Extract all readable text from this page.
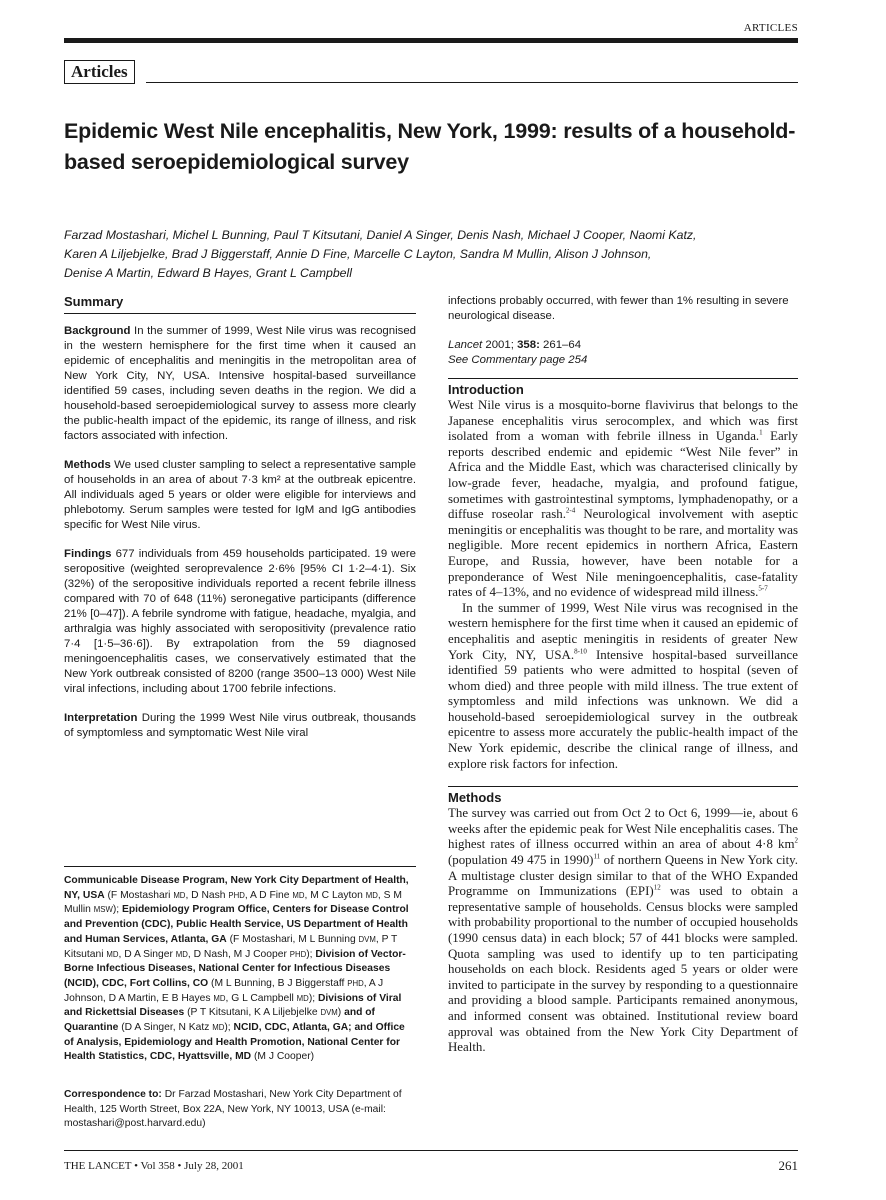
ARTICLES
Articles
Epidemic West Nile encephalitis, New York, 1999: results of a household-based seroepidemiological survey
Farzad Mostashari, Michel L Bunning, Paul T Kitsutani, Daniel A Singer, Denis Nash, Michael J Cooper, Naomi Katz,
Karen A Liljebjelke, Brad J Biggerstaff, Annie D Fine, Marcelle C Layton, Sandra M Mullin, Alison J Johnson,
Denise A Martin, Edward B Hayes, Grant L Campbell
Summary

Background In the summer of 1999, West Nile virus was recognised in the western hemisphere for the first time when it caused an epidemic of encephalitis and meningitis in the metropolitan area of New York City, NY, USA. Intensive hospital-based surveillance identified 59 cases, including seven deaths in the region. We did a household-based seroepidemiological survey to assess more clearly the public-health impact of the epidemic, its range of illness, and risk factors associated with infection.

Methods We used cluster sampling to select a representative sample of households in an area of about 7·3 km² at the outbreak epicentre. All individuals aged 5 years or older were eligible for interviews and phlebotomy. Serum samples were tested for IgM and IgG antibodies specific for West Nile virus.

Findings 677 individuals from 459 households participated. 19 were seropositive (weighted seroprevalence 2·6% [95% CI 1·2–4·1). Six (32%) of the seropositive individuals reported a recent febrile illness compared with 70 of 648 (11%) seronegative participants (difference 21% [0–47]). A febrile syndrome with fatigue, headache, myalgia, and arthralgia was highly associated with seropositivity (prevalence ratio 7·4 [1·5–36·6]). By extrapolation from the 59 diagnosed meningoencephalitis cases, we conservatively estimated that the New York outbreak consisted of 8200 (range 3500–13 000) West Nile viral infections, including about 1700 febrile infections.

Interpretation During the 1999 West Nile virus outbreak, thousands of symptomless and symptomatic West Nile viral

Communicable Disease Program, New York City Department of Health, NY, USA (F Mostashari MD, D Nash PHD, A D Fine MD, M C Layton MD, S M Mullin MSW); Epidemiology Program Office, Centers for Disease Control and Prevention (CDC), Public Health Service, US Department of Health and Human Services, Atlanta, GA (F Mostashari, M L Bunning DVM, P T Kitsutani MD, D A Singer MD, D Nash, M J Cooper PHD); Division of Vector-Borne Infectious Diseases, National Center for Infectious Diseases (NCID), CDC, Fort Collins, CO (M L Bunning, B J Biggerstaff PHD, A J Johnson, D A Martin, E B Hayes MD, G L Campbell MD); Divisions of Viral and Rickettsial Diseases (P T Kitsutani, K A Liljebjelke DVM) and of Quarantine (D A Singer, N Katz MD); NCID, CDC, Atlanta, GA; and Office of Analysis, Epidemiology and Health Promotion, National Center for Health Statistics, CDC, Hyattsville, MD (M J Cooper)
Correspondence to: Dr Farzad Mostashari, New York City Department of Health, 125 Worth Street, Box 22A, New York, NY 10013, USA (e-mail: mostashari@post.harvard.edu)

infections probably occurred, with fewer than 1% resulting in severe neurological disease.

Lancet 2001; 358: 261–64
See Commentary page 254
Introduction

West Nile virus is a mosquito-borne flavivirus that belongs to the Japanese encephalitis virus serocomplex, and which was first isolated from a woman with febrile illness in Uganda.$^1$ Early reports described endemic and epidemic “West Nile fever” in Africa and the Middle East, which was characterised clinically by low-grade fever, headache, myalgia, and profound fatigue, sometimes with gastrointestinal symptoms, lymphadenopathy, or a diffuse roseolar rash.$^{2-4}$ Neurological involvement with aseptic meningitis or encephalitis was thought to be rare, and mortality was negligible. More recent epidemics in northern Africa, Eastern Europe, and Russia, however, have been notable for a preponderance of West Nile meningoencephalitis, case-fatality rates of 4–13%, and no evidence of widespread mild illness.$^{5-7}$

In the summer of 1999, West Nile virus was recognised in the western hemisphere for the first time when it caused an epidemic of encephalitis and aseptic meningitis in residents of greater New York City, NY, USA.$^{8-10}$ Intensive hospital-based surveillance identified 59 patients who were admitted to hospital (seven of whom died) and three people with mild illness. The true extent of symptomless and mild infections was unknown. We did a household-based seroepidemiological survey in the outbreak epicentre to assess more accurately the public-health impact of the New York epidemic, describe the clinical range of illness, and explore risk factors for infection.

Methods

The survey was carried out from Oct 2 to Oct 6, 1999—ie, about 6 weeks after the epidemic peak for West Nile encephalitis cases. The highest rates of illness occurred within an area of about 4·8 $km^2$ (population 49 475 in 1990)$^{11}$ of northern Queens in New York city. A multistage cluster design similar to that of the WHO Expanded Programme on Immunizations (EPI)$^{12}$ was used to obtain a representative sample of households. Census blocks were sampled with probability proportional to the number of occupied households (1990 census data) in each block; 57 of 441 blocks were sampled. Quota sampling was used to identify up to ten participating households on each block. Residents aged 5 years or older were invited to participate in the survey by responding to a questionnaire and providing a blood sample. Participants remained anonymous, and informed consent was obtained. Institutional review board approval was obtained from the New York City Department of Health.

THE LANCET • Vol 358 • July 28, 2001	261
